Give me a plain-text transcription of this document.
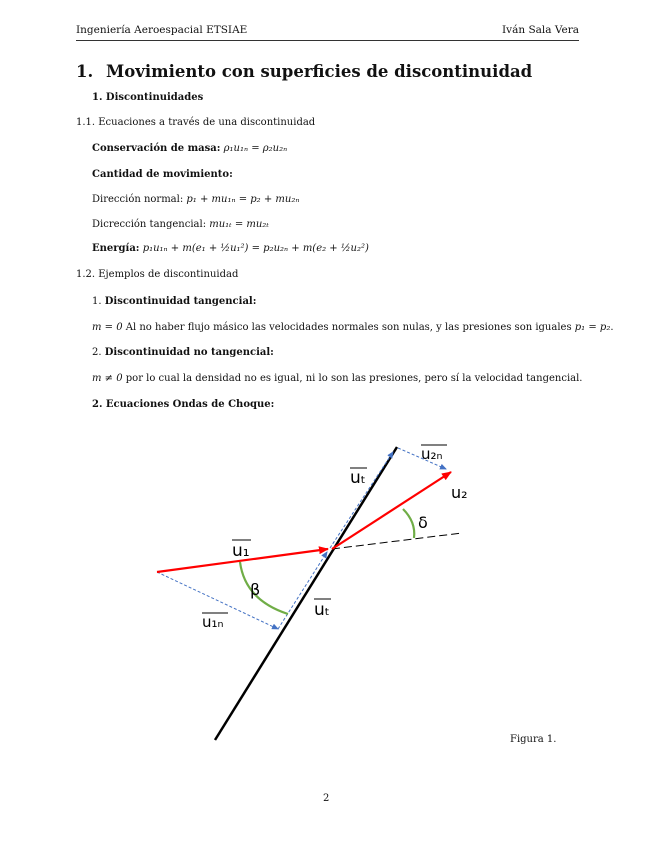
Ingeniería Aeroespacial ETSIAE	Iván Sala Vera
1. Movimiento con superficies de discontinuidad
1. Discontinuidades
1.1. Ecuaciones a través de una discontinuidad
Conservación de masa: ρ₁u₁ₙ = ρ₂u₂ₙ
Cantidad de movimiento:
Dirección normal: p₁ + mu₁ₙ = p₂ + mu₂ₙ
Dicrección tangencial: mu₁ₜ = mu₂ₜ
Energía: p₁u₁ₙ + m(e₁ + ½u₁²) = p₂u₂ₙ + m(e₂ + ½u₂²)
1.2. Ejemplos de discontinuidad
1. Discontinuidad tangencial:
m = 0 Al no haber flujo másico las velocidades normales son nulas, y las presiones son iguales p₁ = p₂.
2. Discontinuidad no tangencial:
m ≠ 0 por lo cual la densidad no es igual, ni lo son las presiones, pero sí la velocidad tangencial.
2. Ecuaciones Ondas de Choque:
u₁
u₁ₙ
uₜ
uₜ
u₂
u₂ₙ
β
δ
Figura 1.
2
